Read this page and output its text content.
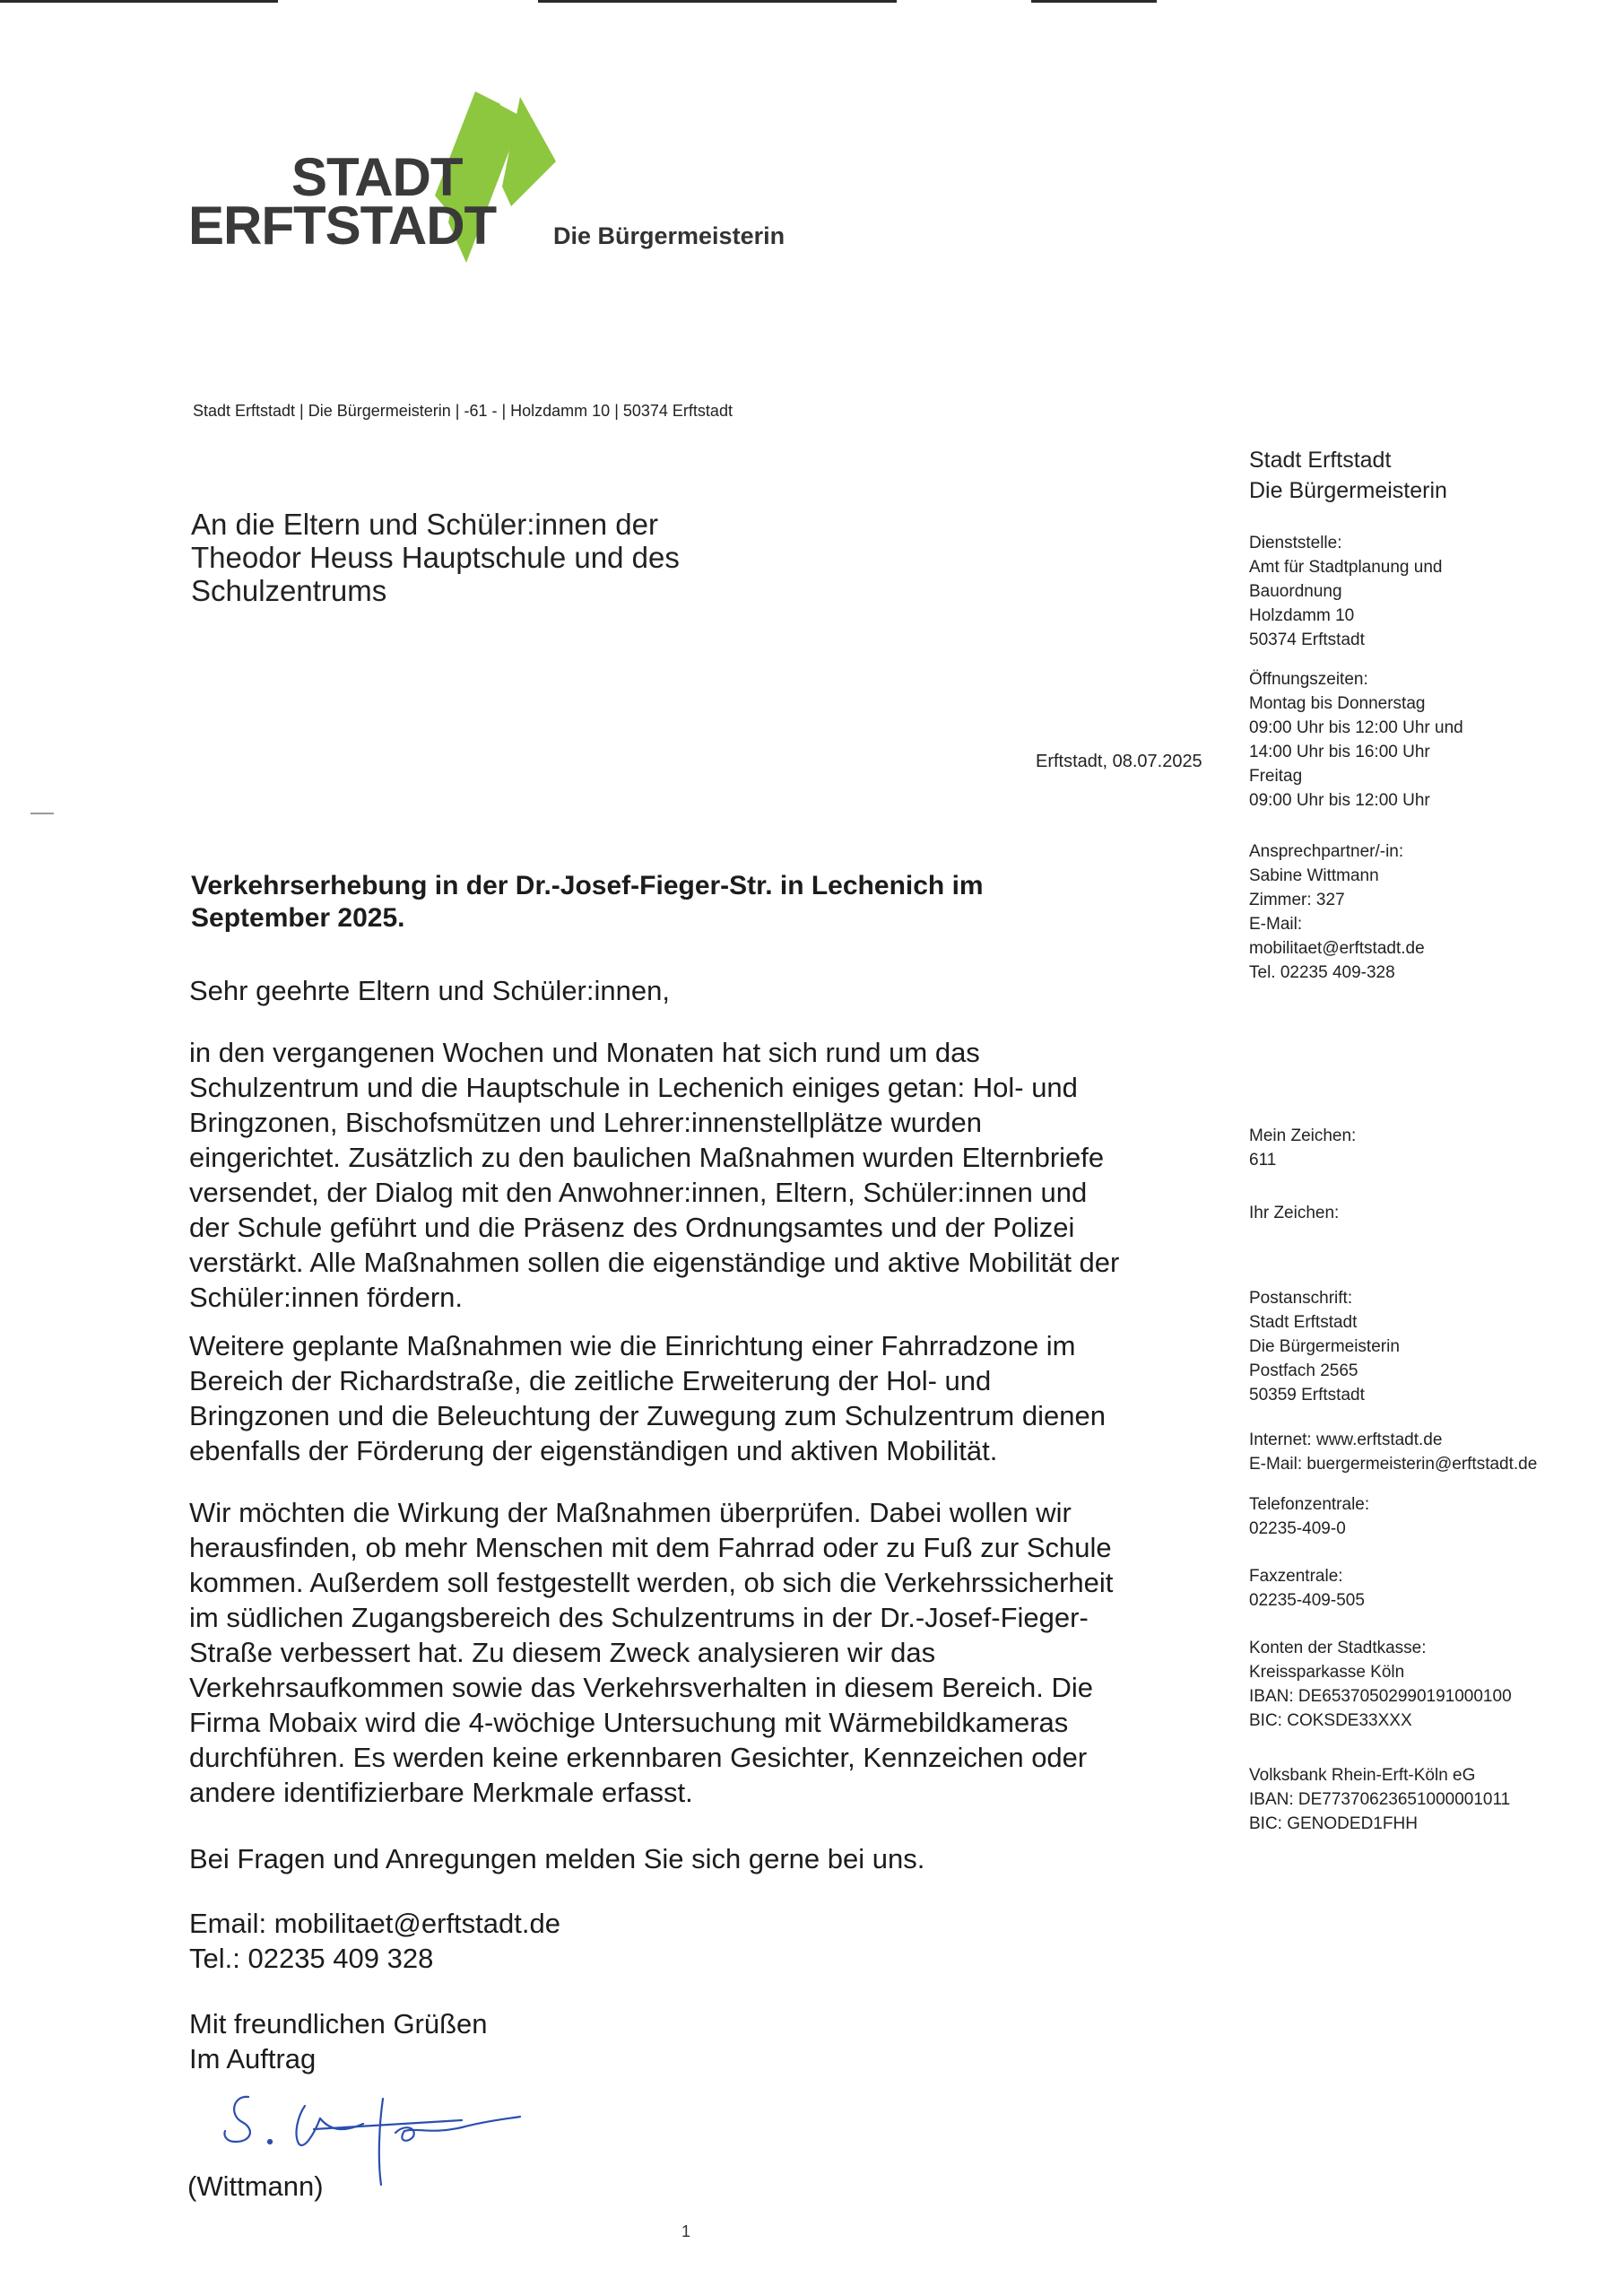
STADT
ERFTSTADT Die Bürgermeisterin
Stadt Erftstadt | Die Bürgermeisterin | -61 - | Holzdamm 10 | 50374 Erftstadt
An die Eltern und Schüler:innen der
Theodor Heuss Hauptschule und des
Schulzentrums
Erftstadt, 08.07.2025
Stadt Erftstadt
Die Bürgermeisterin
Dienststelle:
Amt für Stadtplanung und
Bauordnung
Holzdamm 10
50374 Erftstadt
Öffnungszeiten:
Montag bis Donnerstag
09:00 Uhr bis 12:00 Uhr und
14:00 Uhr bis 16:00 Uhr
Freitag
09:00 Uhr bis 12:00 Uhr
Ansprechpartner/-in:
Sabine Wittmann
Zimmer: 327
E-Mail:
mobilitaet@erftstadt.de
Tel. 02235 409-328
Mein Zeichen:
611
Ihr Zeichen:
Postanschrift:
Stadt Erftstadt
Die Bürgermeisterin
Postfach 2565
50359 Erftstadt
Internet: www.erftstadt.de
E-Mail: buergermeisterin@erftstadt.de
Telefonzentrale:
02235-409-0
Faxzentrale:
02235-409-505
Konten der Stadtkasse:
Kreissparkasse Köln
IBAN: DE65370502990191000100
BIC: COKSDE33XXX
Volksbank Rhein-Erft-Köln eG
IBAN: DE77370623651000001011
BIC: GENODED1FHH
Verkehrserhebung in der Dr.-Josef-Fieger-Str. in Lechenich im
September 2025.
Sehr geehrte Eltern und Schüler:innen,
in den vergangenen Wochen und Monaten hat sich rund um das
Schulzentrum und die Hauptschule in Lechenich einiges getan: Hol- und
Bringzonen, Bischofsmützen und Lehrer:innenstellplätze wurden
eingerichtet. Zusätzlich zu den baulichen Maßnahmen wurden Elternbriefe
versendet, der Dialog mit den Anwohner:innen, Eltern, Schüler:innen und
der Schule geführt und die Präsenz des Ordnungsamtes und der Polizei
verstärkt. Alle Maßnahmen sollen die eigenständige und aktive Mobilität der
Schüler:innen fördern.
Weitere geplante Maßnahmen wie die Einrichtung einer Fahrradzone im
Bereich der Richardstraße, die zeitliche Erweiterung der Hol- und
Bringzonen und die Beleuchtung der Zuwegung zum Schulzentrum dienen
ebenfalls der Förderung der eigenständigen und aktiven Mobilität.
Wir möchten die Wirkung der Maßnahmen überprüfen. Dabei wollen wir
herausfinden, ob mehr Menschen mit dem Fahrrad oder zu Fuß zur Schule
kommen. Außerdem soll festgestellt werden, ob sich die Verkehrssicherheit
im südlichen Zugangsbereich des Schulzentrums in der Dr.-Josef-Fieger-
Straße verbessert hat. Zu diesem Zweck analysieren wir das
Verkehrsaufkommen sowie das Verkehrsverhalten in diesem Bereich. Die
Firma Mobaix wird die 4-wöchige Untersuchung mit Wärmebildkameras
durchführen. Es werden keine erkennbaren Gesichter, Kennzeichen oder
andere identifizierbare Merkmale erfasst.
Bei Fragen und Anregungen melden Sie sich gerne bei uns.
Email: mobilitaet@erftstadt.de
Tel.: 02235 409 328
Mit freundlichen Grüßen
Im Auftrag
(Wittmann)
1
